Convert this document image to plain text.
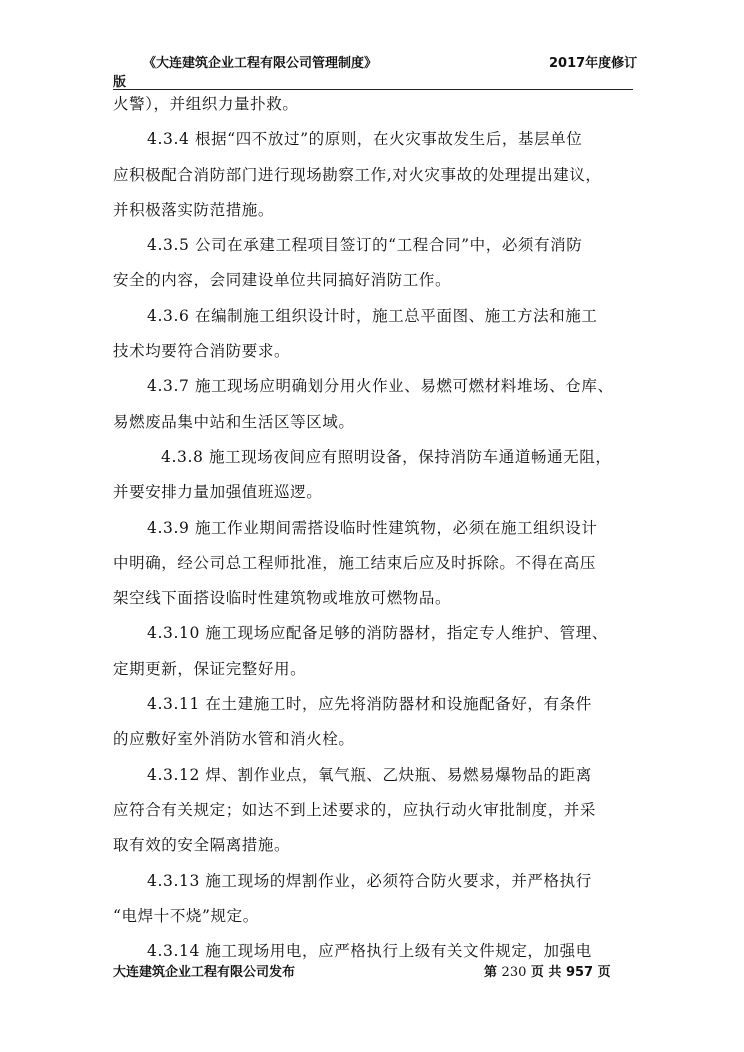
《大连建筑企业工程有限公司管理制度》	2017年度修订
版
火警），并组织力量扑救。
4.3.4 根据“四不放过”的原则，在火灾事故发生后，基层单位
应积极配合消防部门进行现场勘察工作,对火灾事故的处理提出建议，
并积极落实防范措施。
4.3.5 公司在承建工程项目签订的“工程合同”中，必须有消防
安全的内容，会同建设单位共同搞好消防工作。
4.3.6 在编制施工组织设计时，施工总平面图、施工方法和施工
技术均要符合消防要求。
4.3.7 施工现场应明确划分用火作业、易燃可燃材料堆场、仓库、
易燃废品集中站和生活区等区域。
4.3.8 施工现场夜间应有照明设备，保持消防车通道畅通无阻，
并要安排力量加强值班巡逻。
4.3.9 施工作业期间需搭设临时性建筑物，必须在施工组织设计
中明确，经公司总工程师批准，施工结束后应及时拆除。不得在高压
架空线下面搭设临时性建筑物或堆放可燃物品。
4.3.10 施工现场应配备足够的消防器材，指定专人维护、管理、
定期更新，保证完整好用。
4.3.11 在土建施工时，应先将消防器材和设施配备好，有条件
的应敷好室外消防水管和消火栓。
4.3.12 焊、割作业点，氧气瓶、乙炔瓶、易燃易爆物品的距离
应符合有关规定；如达不到上述要求的，应执行动火审批制度，并采
取有效的安全隔离措施。
4.3.13 施工现场的焊割作业，必须符合防火要求，并严格执行
“电焊十不烧”规定。
4.3.14 施工现场用电，应严格执行上级有关文件规定，加强电
大连建筑企业工程有限公司发布	第 230 页 共 957 页
